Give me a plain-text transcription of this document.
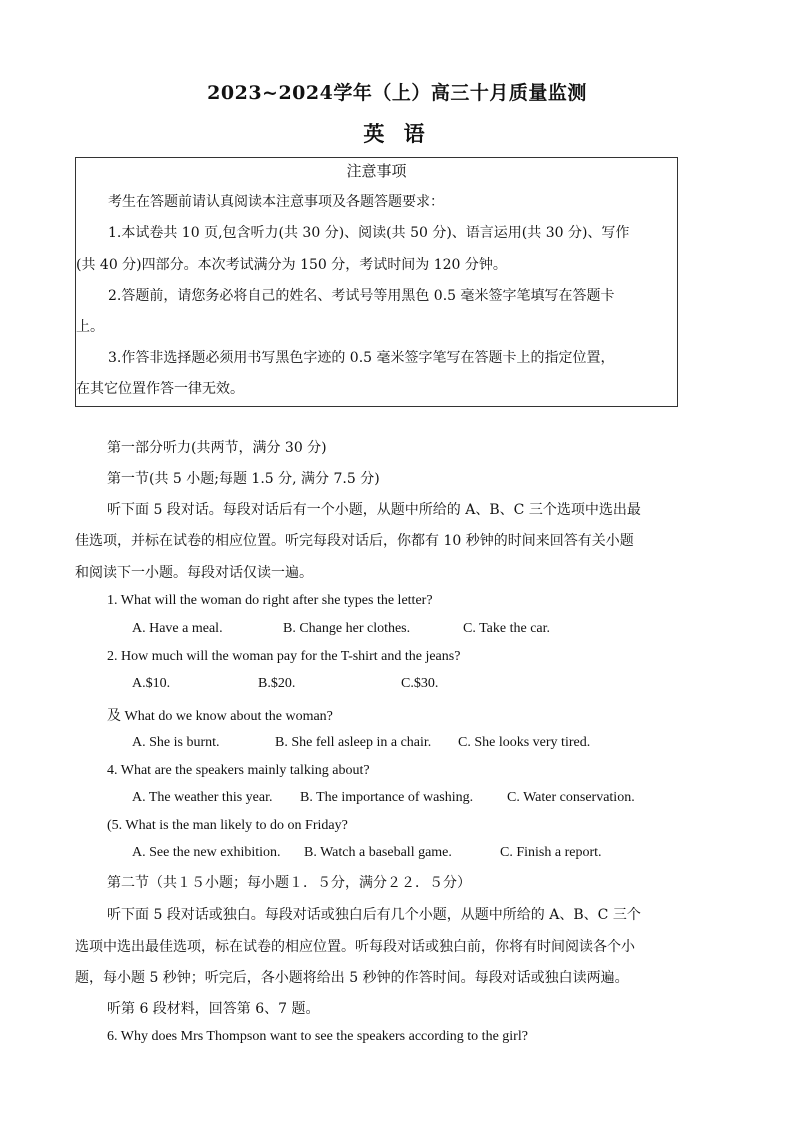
2023~2024学年（上）高三十月质量监测
英 语
注意事项
考生在答题前请认真阅读本注意事项及各题答题要求：
1.本试卷共 10 页,包含听力(共 30 分)、阅读(共 50 分)、语言运用(共 30 分)、写作
(共 40 分)四部分。本次考试满分为 150 分，考试时间为 120 分钟。
2.答题前，请您务必将自己的姓名、考试号等用黑色 0.5 毫米签字笔填写在答题卡
上。
3.作答非选择题必须用书写黑色字迹的 0.5 毫米签字笔写在答题卡上的指定位置，
在其它位置作答一律无效。
第一部分听力(共两节，满分 30 分)
第一节(共 5 小题;每题 1.5 分, 满分 7.5 分)
听下面 5 段对话。每段对话后有一个小题，从题中所给的 A、B、C 三个选项中选出最
佳选项，并标在试卷的相应位置。听完每段对话后，你都有 10 秒钟的时间来回答有关小题
和阅读下一小题。每段对话仅读一遍。
1. What will the woman do right after she types the letter?
A. Have a meal.	B. Change her clothes.	C. Take the car.
2. How much will the woman pay for the T-shirt and the jeans?
A.$10.	B.$20.	C.$30.
及 What do we know about the woman?
A. She is burnt.	B. She fell asleep in a chair. C. She looks very tired.
4. What are the speakers mainly talking about?
A. The weather this year. B. The importance of washing. C. Water conservation.
(5. What is the man likely to do on Friday?
A. See the new exhibition. B. Watch a baseball game.	C. Finish a report.
第二节（共１５小题；每小题１．５分，满分２２．５分）
听下面 5 段对话或独白。每段对话或独白后有几个小题，从题中所给的 A、B、C 三个
选项中选出最佳选项，标在试卷的相应位置。听每段对话或独白前，你将有时间阅读各个小
题，每小题 5 秒钟；听完后，各小题将给出 5 秒钟的作答时间。每段对话或独白读两遍。
听第 6 段材料，回答第 6、7 题。
6. Why does Mrs Thompson want to see the speakers according to the girl?
